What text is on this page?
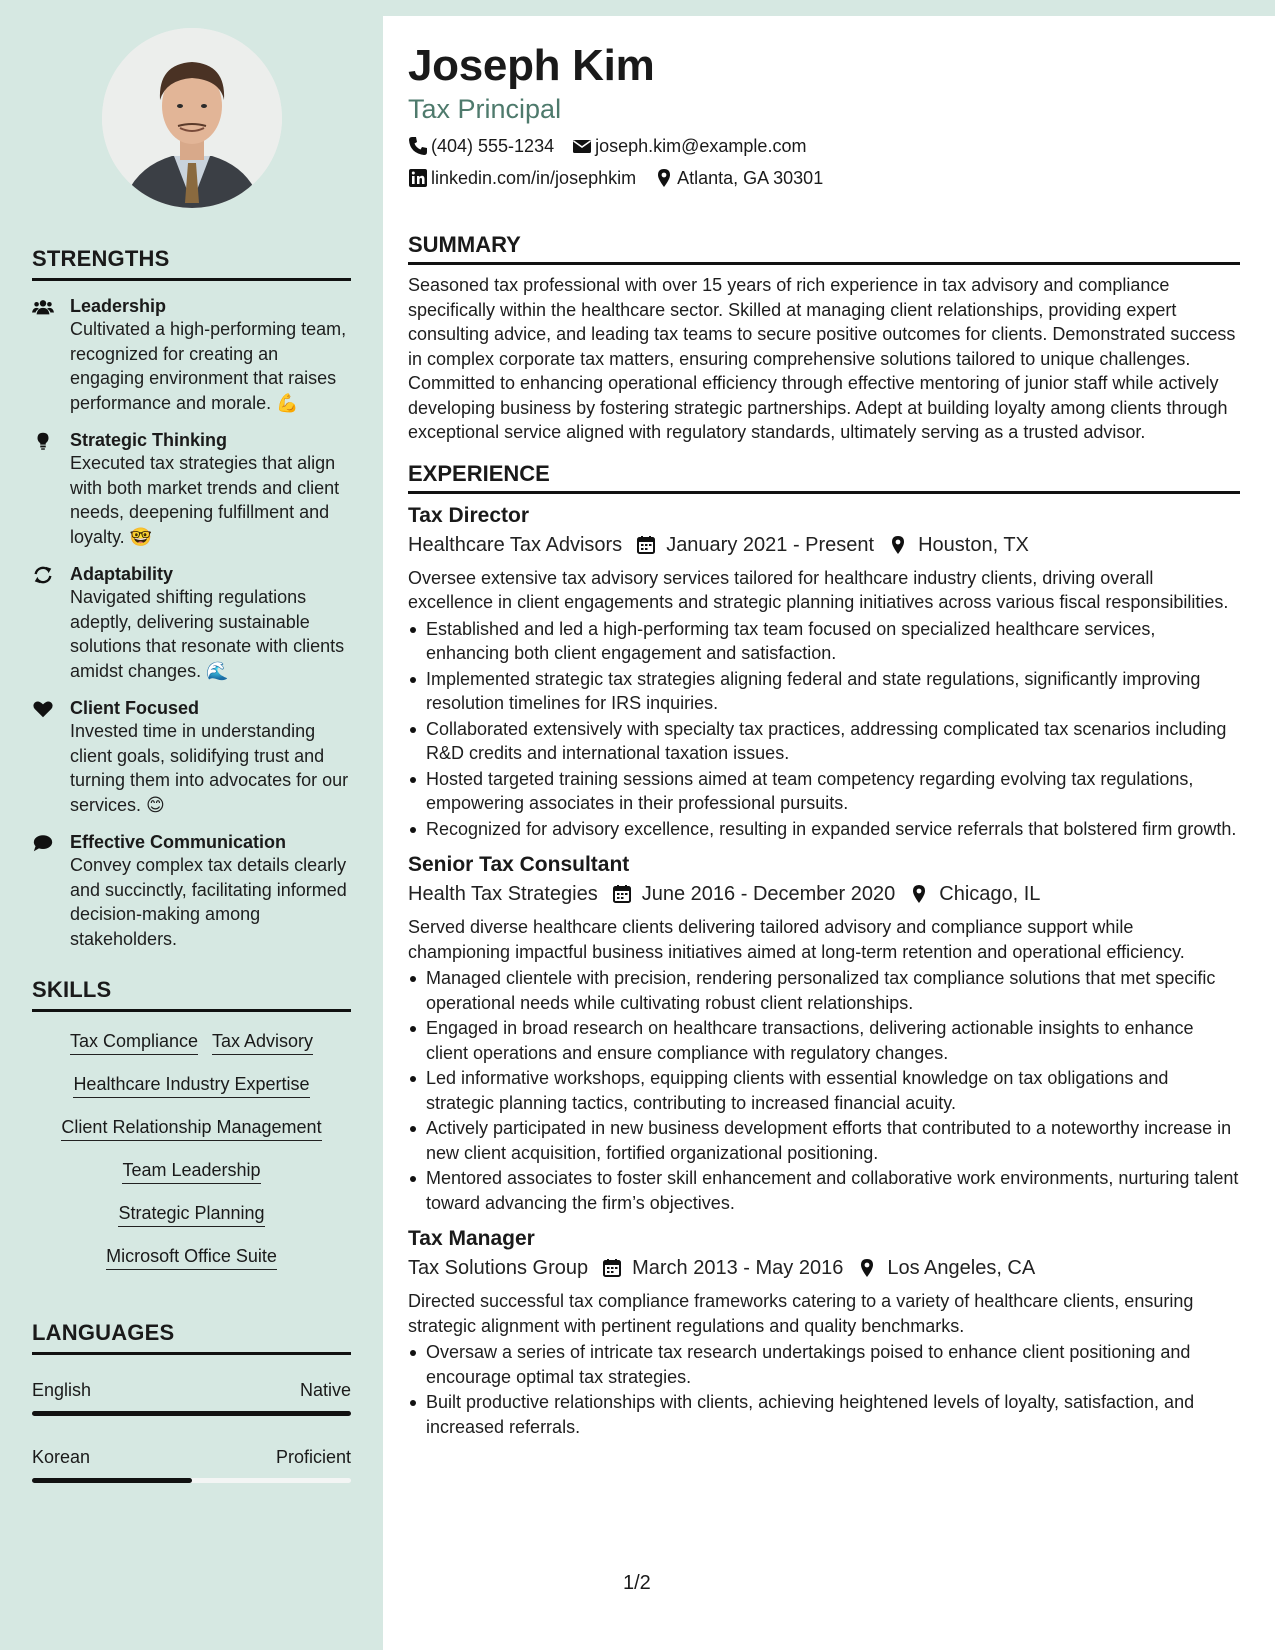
STRENGTHS
Leadership
Cultivated a high-performing team, recognized for creating an engaging environment that raises performance and morale. 💪
Strategic Thinking
Executed tax strategies that align with both market trends and client needs, deepening fulfillment and loyalty. 🤓
Adaptability
Navigated shifting regulations adeptly, delivering sustainable solutions that resonate with clients amidst changes. 🌊
Client Focused
Invested time in understanding client goals, solidifying trust and turning them into advocates for our services. 😊
Effective Communication
Convey complex tax details clearly and succinctly, facilitating informed decision-making among stakeholders.
SKILLS
Tax Compliance Tax Advisory
Healthcare Industry Expertise
Client Relationship Management
Team Leadership
Strategic Planning
Microsoft Office Suite
LANGUAGES
English	Native
Korean	Proficient
Joseph Kim
Tax Principal
(404) 555-1234 joseph.kim@example.com
linkedin.com/in/josephkim Atlanta, GA 30301
SUMMARY

Seasoned tax professional with over 15 years of rich experience in tax advisory and compliance specifically within the healthcare sector. Skilled at managing client relationships, providing expert consulting advice, and leading tax teams to secure positive outcomes for clients. Demonstrated success in complex corporate tax matters, ensuring comprehensive solutions tailored to unique challenges. Committed to enhancing operational efficiency through effective mentoring of junior staff while actively developing business by fostering strategic partnerships. Adept at building loyalty among clients through exceptional service aligned with regulatory standards, ultimately serving as a trusted advisor.

EXPERIENCE
Tax Director
Healthcare Tax Advisors January 2021 - Present Houston, TX

Oversee extensive tax advisory services tailored for healthcare industry clients, driving overall excellence in client engagements and strategic planning initiatives across various fiscal responsibilities.

Established and led a high-performing tax team focused on specialized healthcare services, enhancing both client engagement and satisfaction.
Implemented strategic tax strategies aligning federal and state regulations, significantly improving resolution timelines for IRS inquiries.
Collaborated extensively with specialty tax practices, addressing complicated tax scenarios including R&D credits and international taxation issues.
Hosted targeted training sessions aimed at team competency regarding evolving tax regulations, empowering associates in their professional pursuits.
Recognized for advisory excellence, resulting in expanded service referrals that bolstered firm growth.
Senior Tax Consultant
Health Tax Strategies June 2016 - December 2020 Chicago, IL

Served diverse healthcare clients delivering tailored advisory and compliance support while championing impactful business initiatives aimed at long-term retention and operational efficiency.

Managed clientele with precision, rendering personalized tax compliance solutions that met specific operational needs while cultivating robust client relationships.
Engaged in broad research on healthcare transactions, delivering actionable insights to enhance client operations and ensure compliance with regulatory changes.
Led informative workshops, equipping clients with essential knowledge on tax obligations and strategic planning tactics, contributing to increased financial acuity.
Actively participated in new business development efforts that contributed to a noteworthy increase in new client acquisition, fortified organizational positioning.
Mentored associates to foster skill enhancement and collaborative work environments, nurturing talent toward advancing the firm’s objectives.
Tax Manager
Tax Solutions Group March 2013 - May 2016 Los Angeles, CA

Directed successful tax compliance frameworks catering to a variety of healthcare clients, ensuring strategic alignment with pertinent regulations and quality benchmarks.

Oversaw a series of intricate tax research undertakings poised to enhance client positioning and encourage optimal tax strategies.
Built productive relationships with clients, achieving heightened levels of loyalty, satisfaction, and increased referrals.
1/2
